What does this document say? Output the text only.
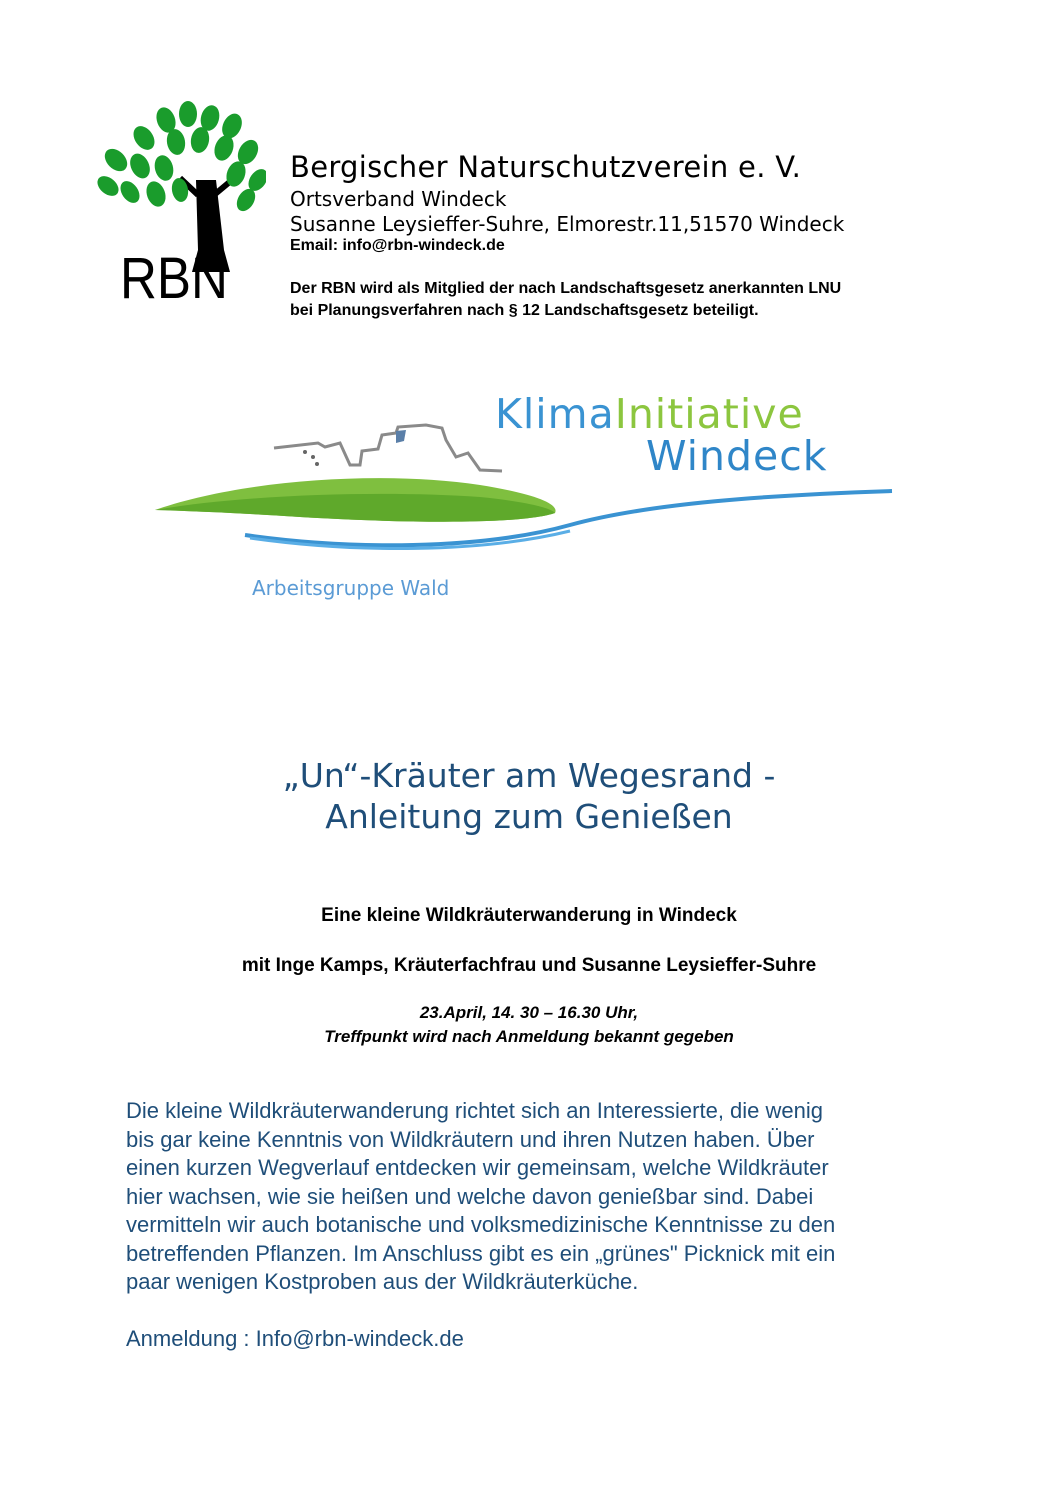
RBN
Bergischer Naturschutzverein e. V.
Ortsverband Windeck
Susanne Leysieffer-Suhre, Elmorestr.11,51570 Windeck
Email: info@rbn-windeck.de
Der RBN wird als Mitglied der nach Landschaftsgesetz anerkannten LNU
bei Planungsverfahren nach § 12 Landschaftsgesetz beteiligt.
KlimaInitiative
Windeck
Arbeitsgruppe Wald
„Un“-Kräuter am Wegesrand -
Anleitung zum Genießen
Eine kleine Wildkräuterwanderung in Windeck
mit Inge Kamps, Kräuterfachfrau und Susanne Leysieffer-Suhre
23.April, 14. 30 – 16.30 Uhr,
Treffpunkt wird nach Anmeldung bekannt gegeben
Die kleine Wildkräuterwanderung richtet sich an Interessierte, die wenig
bis gar keine Kenntnis von Wildkräutern und ihren Nutzen haben. Über
einen kurzen Wegverlauf entdecken wir gemeinsam, welche Wildkräuter
hier wachsen, wie sie heißen und welche davon genießbar sind. Dabei
vermitteln wir auch botanische und volksmedizinische Kenntnisse zu den
betreffenden Pflanzen. Im Anschluss gibt es ein „grünes" Picknick mit ein
paar wenigen Kostproben aus der Wildkräuterküche.
Anmeldung : Info@rbn-windeck.de
